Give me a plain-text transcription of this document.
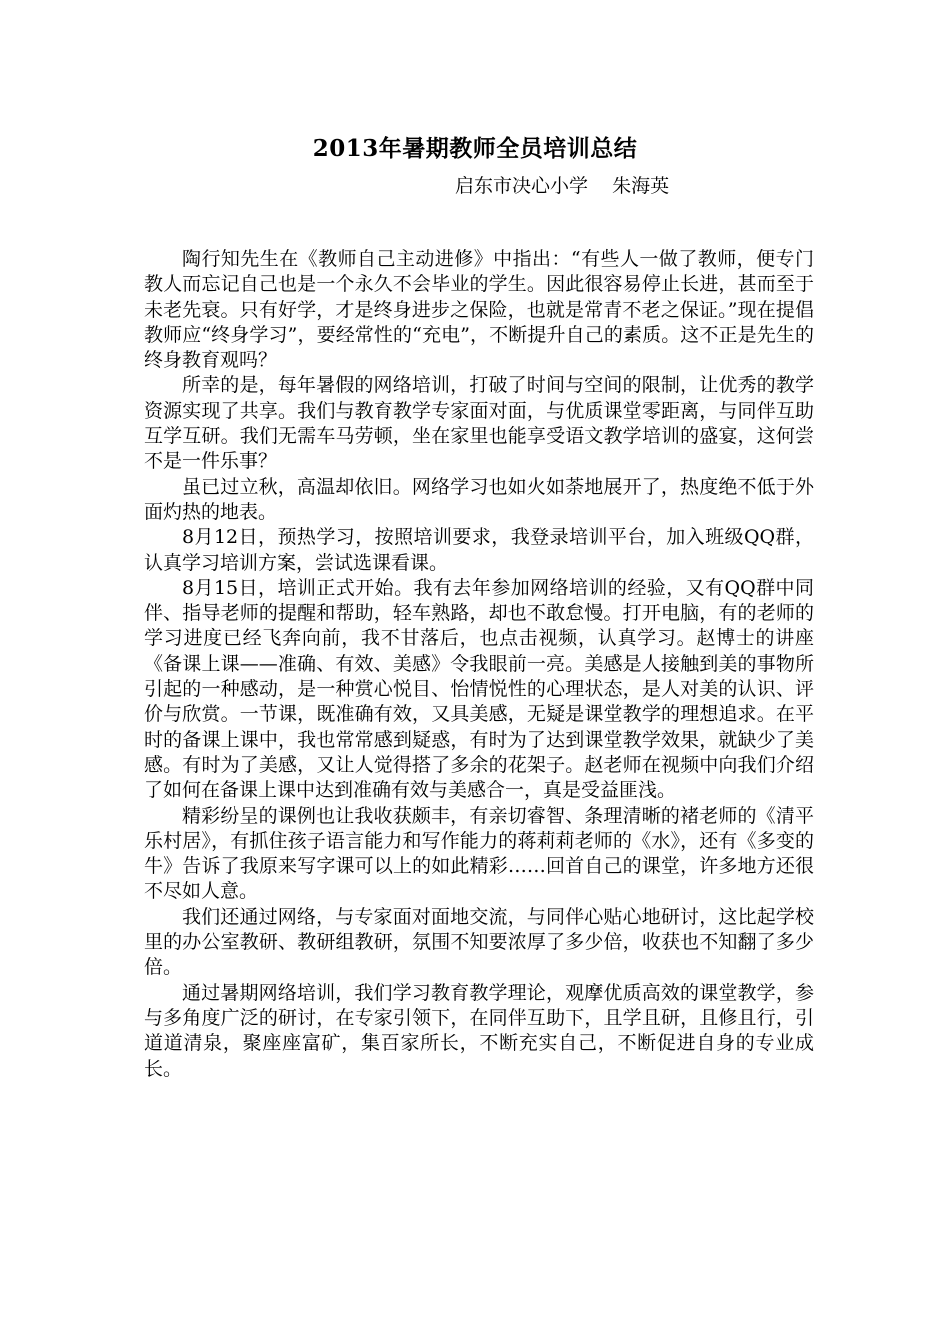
2013年暑期教师全员培训总结
启东市决心小学    朱海英

陶行知先生在《教师自己主动进修》中指出：“有些人一做了教师，便专门教人而忘记自己也是一个永久不会毕业的学生。因此很容易停止长进，甚而至于未老先衰。只有好学，才是终身进步之保险，也就是常青不老之保证。”现在提倡教师应“终身学习”，要经常性的“充电”，不断提升自己的素质。这不正是先生的终身教育观吗？

所幸的是，每年暑假的网络培训，打破了时间与空间的限制，让优秀的教学资源实现了共享。我们与教育教学专家面对面，与优质课堂零距离，与同伴互助互学互研。我们无需车马劳顿，坐在家里也能享受语文教学培训的盛宴，这何尝不是一件乐事？

虽已过立秋，高温却依旧。网络学习也如火如荼地展开了，热度绝不低于外面灼热的地表。

8月12日，预热学习，按照培训要求，我登录培训平台，加入班级QQ群，认真学习培训方案，尝试选课看课。

8月15日，培训正式开始。我有去年参加网络培训的经验，又有QQ群中同伴、指导老师的提醒和帮助，轻车熟路，却也不敢怠慢。打开电脑，有的老师的学习进度已经飞奔向前，我不甘落后，也点击视频，认真学习。赵博士的讲座《备课上课——准确、有效、美感》令我眼前一亮。美感是人接触到美的事物所引起的一种感动，是一种赏心悦目、怡情悦性的心理状态，是人对美的认识、评价与欣赏。一节课，既准确有效，又具美感，无疑是课堂教学的理想追求。在平时的备课上课中，我也常常感到疑惑，有时为了达到课堂教学效果，就缺少了美感。有时为了美感，又让人觉得搭了多余的花架子。赵老师在视频中向我们介绍了如何在备课上课中达到准确有效与美感合一，真是受益匪浅。

精彩纷呈的课例也让我收获颇丰，有亲切睿智、条理清晰的褚老师的《清平乐村居》，有抓住孩子语言能力和写作能力的蒋莉莉老师的《水》，还有《多变的牛》告诉了我原来写字课可以上的如此精彩……回首自己的课堂，许多地方还很不尽如人意。

我们还通过网络，与专家面对面地交流，与同伴心贴心地研讨，这比起学校里的办公室教研、教研组教研，氛围不知要浓厚了多少倍，收获也不知翻了多少倍。

通过暑期网络培训，我们学习教育教学理论，观摩优质高效的课堂教学，参与多角度广泛的研讨，在专家引领下，在同伴互助下，且学且研，且修且行，引道道清泉，聚座座富矿，集百家所长，不断充实自己，不断促进自身的专业成长。
